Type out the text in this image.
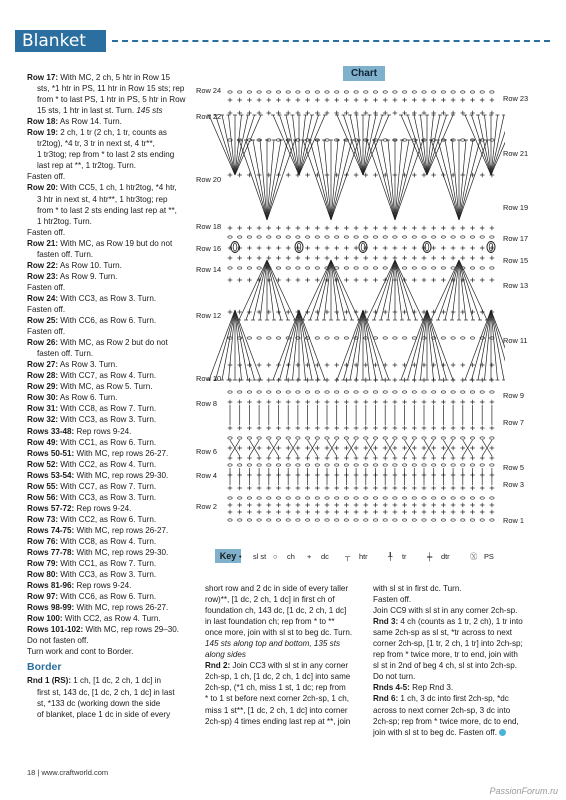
Blanket
Row 17: With MC, 2 ch, 5 htr in Row 15
sts, *1 htr in PS, 11 htr in Row 15 sts; rep
from * to last PS, 1 htr in PS, 5 htr in Row
15 sts, 1 htr in last st. Turn. 145 sts
Row 18: As Row 14. Turn.
Row 19: 2 ch, 1 tr (2 ch, 1 tr, counts as
tr2tog), *4 tr, 3 tr in next st, 4 tr**,
1 tr3tog; rep from * to last 2 sts ending
last rep at **, 1 tr2tog. Turn.
Fasten off.
Row 20: With CC5, 1 ch, 1 htr2tog, *4 htr,
3 htr in next st, 4 htr**, 1 htr3tog; rep
from * to last 2 sts ending last rep at **,
1 htr2tog. Turn.
Fasten off.
Row 21: With MC, as Row 19 but do not
fasten off. Turn.
Row 22: As Row 10. Turn.
Row 23: As Row 9. Turn.
Fasten off.
Row 24: With CC3, as Row 3. Turn.
Fasten off.
Row 25: With CC6, as Row 6. Turn.
Fasten off.
Row 26: With MC, as Row 2 but do not
fasten off. Turn.
Row 27: As Row 3. Turn.
Row 28: With CC7, as Row 4. Turn.
Row 29: With MC, as Row 5. Turn.
Row 30: As Row 6. Turn.
Row 31: With CC8, as Row 7. Turn.
Row 32: With CC3, as Row 3. Turn.
Rows 33-48: Rep rows 9-24.
Row 49: With CC1, as Row 6. Turn.
Rows 50-51: With MC, rep rows 26-27.
Row 52: With CC2, as Row 4. Turn.
Rows 53-54: With MC, rep rows 29-30.
Row 55: With CC7, as Row 7. Turn.
Row 56: With CC3, as Row 3. Turn.
Rows 57-72: Rep rows 9-24.
Row 73: With CC2, as Row 6. Turn.
Rows 74-75: With MC, rep rows 26-27.
Row 76: With CC8, as Row 4. Turn.
Rows 77-78: With MC, rep rows 29-30.
Row 79: With CC1, as Row 7. Turn.
Row 80: With CC3, as Row 3. Turn.
Rows 81-96: Rep rows 9-24.
Row 97: With CC6, as Row 6. Turn.
Rows 98-99: With MC, rep rows 26-27.
Row 100: With CC2, as Row 4. Turn.
Rows 101-102: With MC, rep rows 29–30.
Do not fasten off.
Turn work and cont to Border.
Border
Rnd 1 (RS): 1 ch, [1 dc, 2 ch, 1 dc] in
first st, 143 dc, [1 dc, 2 ch, 1 dc] in last
st, *133 dc (working down the side
of blanket, place 1 dc in side of every
short row and 2 dc in side of every taller
row)**, [1 dc, 2 ch, 1 dc] in first ch of
foundation ch, 143 dc, [1 dc, 2 ch, 1 dc]
in last foundation ch; rep from * to **
once more, join with sl st to beg dc. Turn.
145 sts along top and bottom, 135 sts
along sides
Rnd 2: Join CC3 with sl st in any corner
2ch-sp, 1 ch, [1 dc, 2 ch, 1 dc] into same
2ch-sp, (*1 ch, miss 1 st, 1 dc; rep from
* to 1 st before next corner 2ch-sp, 1 ch,
miss 1 st**, [1 dc, 2 ch, 1 dc] into corner
2ch-sp) 4 times ending last rep at **, join
with sl st in first dc. Turn.
Fasten off.
Join CC9 with sl st in any corner 2ch-sp.
Rnd 3: 4 ch (counts as 1 tr, 2 ch), 1 tr into
same 2ch-sp as sl st, *tr across to next
corner 2ch-sp, [1 tr, 2 ch, 1 tr] into 2ch-sp;
rep from * twice more, tr to end, join with
sl st in 2nd of beg 4 ch, sl st into 2ch-sp.
Do not turn.
Rnds 4-5: Rep Rnd 3.
Rnd 6: 1 ch, 3 dc into first 2ch-sp, *dc
across to next corner 2ch-sp, 3 dc into
2ch-sp; rep from * twice more, dc to end,
join with sl st to beg dc. Fasten off.
Chart
Row 24
Row 22
Row 20
Row 18
Row 16
Row 14
Row 12
Row 10
Row 8
Row 6
Row 4
Row 2
Row 23
Row 21
Row 19
Row 17
Row 15
Row 13
Row 11
Row 9
Row 7
Row 5
Row 3
Row 1
Key • sl st ○ ch + dc ┬ htr	╀ tr	╪ dtr	Ⓧ PS
18 | www.craftworld.com
PassionForum.ru
